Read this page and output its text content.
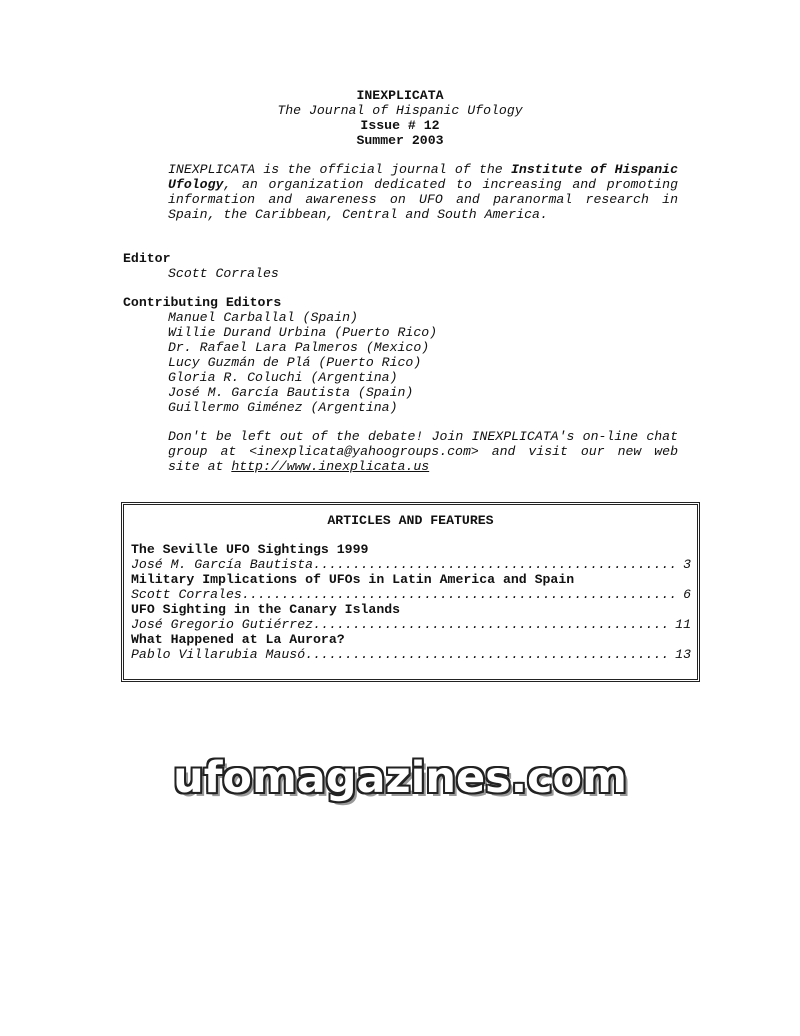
INEXPLICATA
The Journal of Hispanic Ufology
Issue # 12
Summer 2003
INEXPLICATA is the official journal of the Institute of Hispanic Ufology, an organization dedicated to increasing and promoting information and awareness on UFO and paranormal research in Spain, the Caribbean, Central and South America.
Editor
Scott Corrales
Contributing Editors
Manuel Carballal (Spain)
Willie Durand Urbina (Puerto Rico)
Dr. Rafael Lara Palmeros (Mexico)
Lucy Guzmán de Plá (Puerto Rico)
Gloria R. Coluchi (Argentina)
José M. García Bautista (Spain)
Guillermo Giménez (Argentina)
Don't be left out of the debate! Join INEXPLICATA's on-line chat group at <inexplicata@yahoogroups.com> and visit our new web site at http://www.inexplicata.us
ARTICLES AND FEATURES
The Seville UFO Sightings 1999
José M. García Bautista .....	3
Military Implications of UFOs in Latin America and Spain
Scott Corrales .....	6
UFO Sighting in the Canary Islands
José Gregorio Gutiérrez .....	11
What Happened at La Aurora?
Pablo Villarubia Mausó .....	13
ufomagazines.com
